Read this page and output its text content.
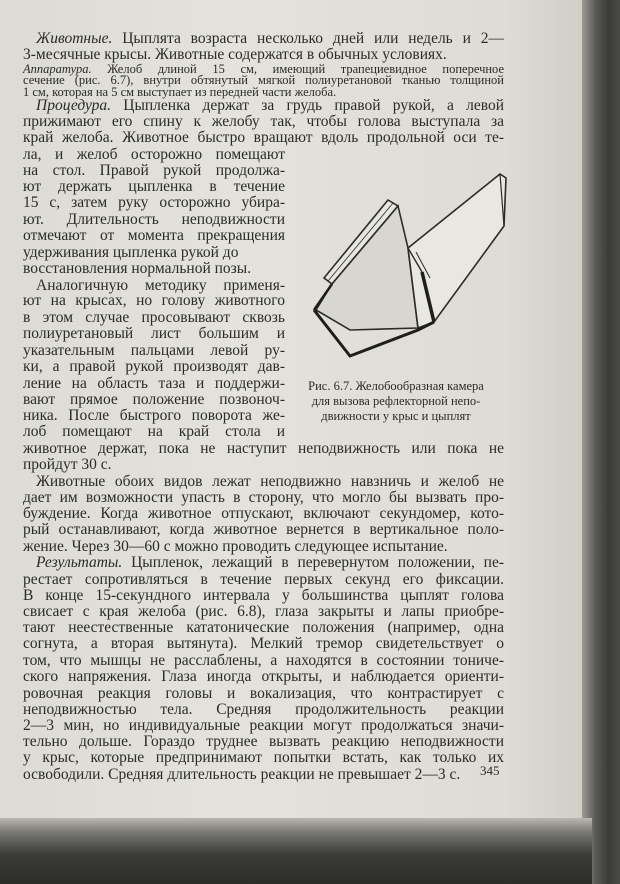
Животные. Цыплята возраста несколько дней или недель и 2—
3-месячные крысы. Животные содержатся в обычных условиях.
Аппаратура. Желоб длиной 15 см, имеющий трапециевидное поперечное
сечение (рис. 6.7), внутри обтянутый мягкой полиуретановой тканью толщиной
1 см, которая на 5 см выступает из передней части желоба.
Процедура. Цыпленка держат за грудь правой рукой, а левой
прижимают его спину к желобу так, чтобы голова выступала за
край желоба. Животное быстро вращают вдоль продольной оси те-
ла, и желоб осторожно помещают
на стол. Правой рукой продолжа-
ют держать цыпленка в течение
15 с, затем руку осторожно убира-
ют. Длительность неподвижности
отмечают от момента прекращения
удерживания цыпленка рукой до
восстановления нормальной позы.
Аналогичную методику применя-
ют на крысах, но голову животного
в этом случае просовывают сквозь
полиуретановый лист большим и
указательным пальцами левой ру-
ки, а правой рукой производят дав-
ление на область таза и поддержи-
вают прямое положение позвоноч-
ника. После быстрого поворота же-
лоб помещают на край стола и
животное держат, пока не наступит неподвижность или пока не
пройдут 30 с.
Животные обоих видов лежат неподвижно навзничь и желоб не
дает им возможности упасть в сторону, что могло бы вызвать про-
буждение. Когда животное отпускают, включают секундомер, кото-
рый останавливают, когда животное вернется в вертикальное поло-
жение. Через 30—60 с можно проводить следующее испытание.
Результаты. Цыпленок, лежащий в перевернутом положении, пе-
рестает сопротивляться в течение первых секунд его фиксации.
В конце 15-секундного интервала у большинства цыплят голова
свисает с края желоба (рис. 6.8), глаза закрыты и лапы приобре-
тают неестественные кататонические положения (например, одна
согнута, а вторая вытянута). Мелкий тремор свидетельствует о
том, что мышцы не расслаблены, а находятся в состоянии тониче-
ского напряжения. Глаза иногда открыты, и наблюдается ориенти-
ровочная реакция головы и вокализация, что контрастирует с
неподвижностью тела. Средняя продолжительность реакции
2—3 мин, но индивидуальные реакции могут продолжаться значи-
тельно дольше. Гораздо труднее вызвать реакцию неподвижности
у крыс, которые предпринимают попытки встать, как только их
освободили. Средняя длительность реакции не превышает 2—3 с.
Рис. 6.7. Желобообразная камера
для вызова рефлекторной непо-
движности у крыс и цыплят
345
